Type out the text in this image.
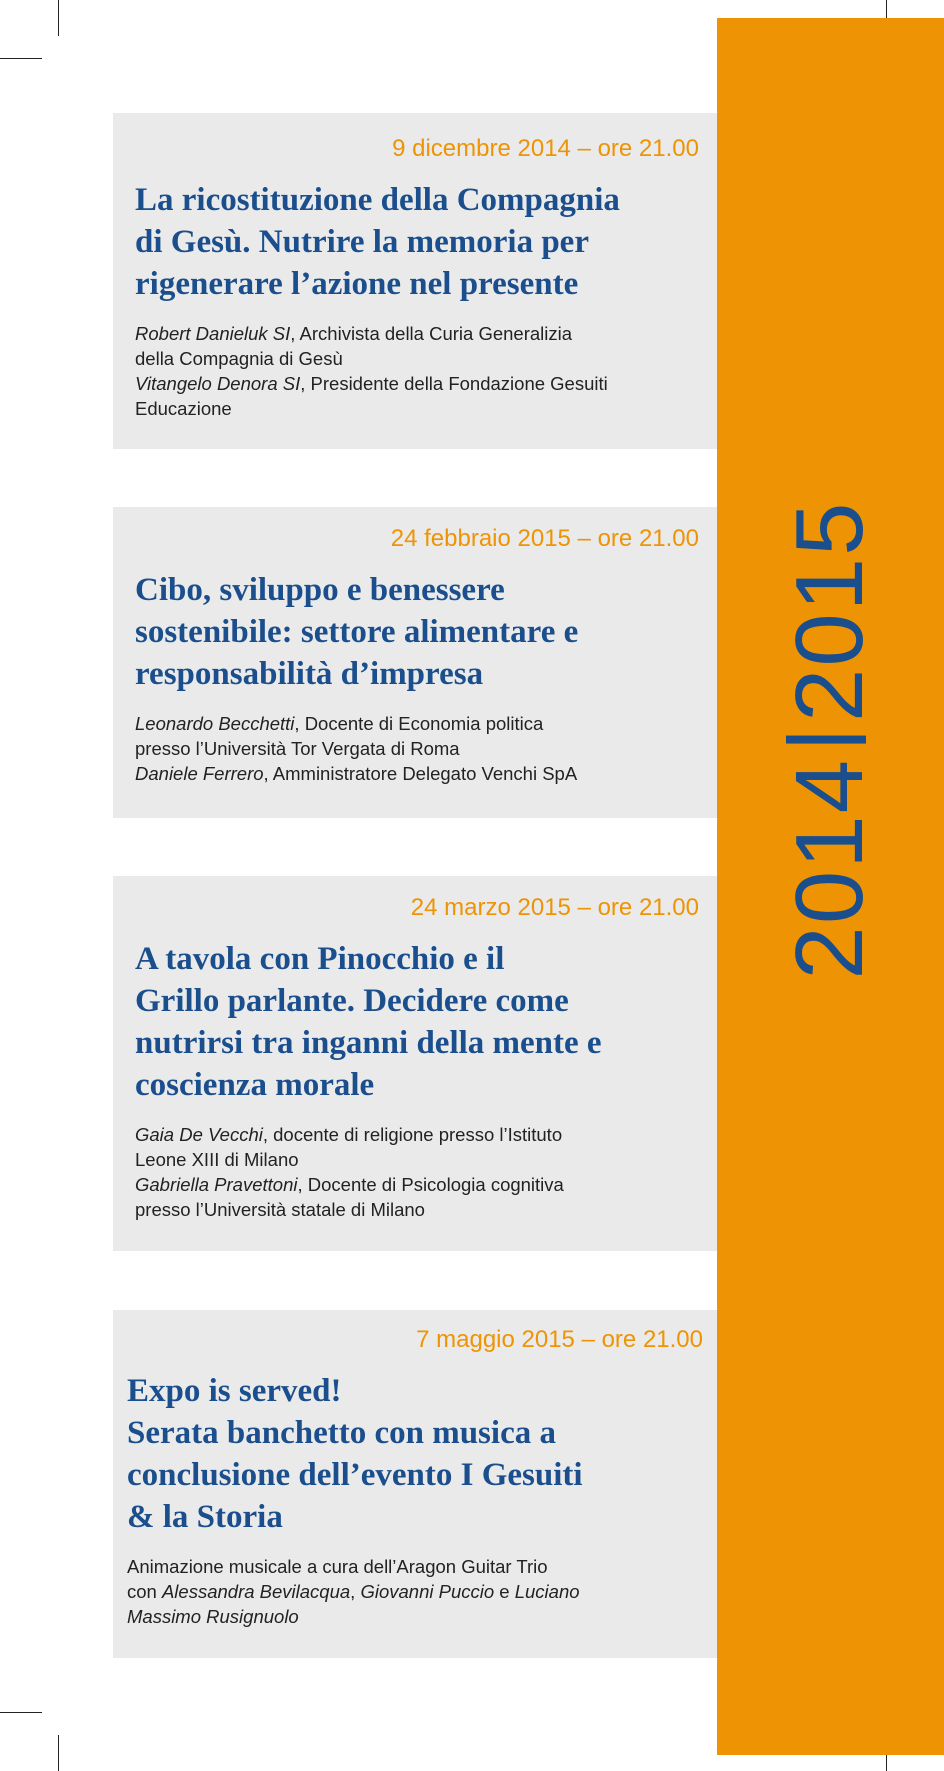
20142015
9 dicembre 2014 – ore 21.00
La ricostituzione della Compagnia
di Gesù. Nutrire la memoria per
rigenerare l’azione nel presente
Robert Danieluk SI, Archivista della Curia Generalizia
della Compagnia di Gesù
Vitangelo Denora SI, Presidente della Fondazione Gesuiti
Educazione
24 febbraio 2015 – ore 21.00
Cibo, sviluppo e benessere
sostenibile: settore alimentare e
responsabilità d’impresa
Leonardo Becchetti, Docente di Economia politica
presso l’Università Tor Vergata di Roma
Daniele Ferrero, Amministratore Delegato Venchi SpA
24 marzo 2015 – ore 21.00
A tavola con Pinocchio e il
Grillo parlante. Decidere come
nutrirsi tra inganni della mente e
coscienza morale
Gaia De Vecchi, docente di religione presso l’Istituto
Leone XIII di Milano
Gabriella Pravettoni, Docente di Psicologia cognitiva
presso l’Università statale di Milano
7 maggio 2015 – ore 21.00
Expo is served!
Serata banchetto con musica a
conclusione dell’evento I Gesuiti
& la Storia
Animazione musicale a cura dell’Aragon Guitar Trio
con Alessandra Bevilacqua, Giovanni Puccio e Luciano
Massimo Rusignuolo
